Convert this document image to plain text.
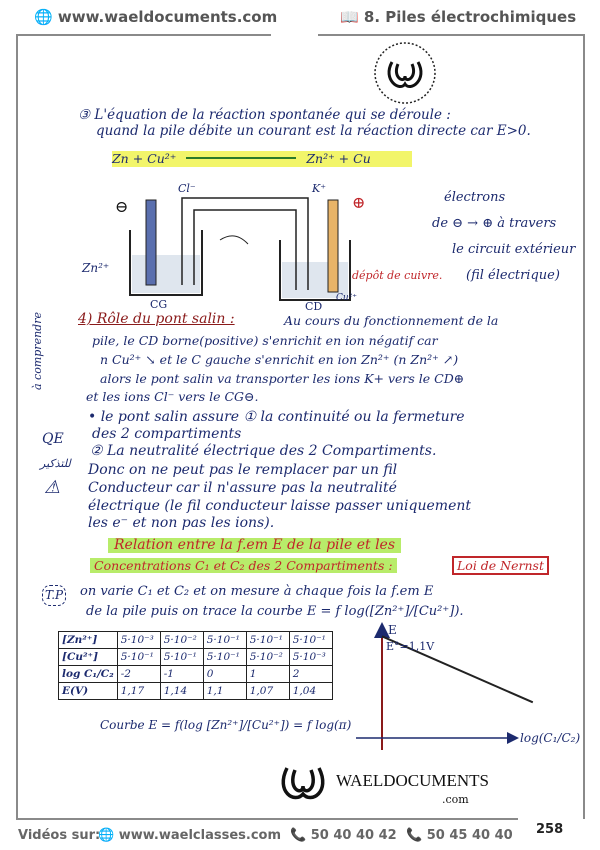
🌐 www.waeldocuments.com	📖 8. Piles électrochimiques
③ L'équation de la réaction spontanée qui se déroule :
quand la pile débite un courant est la réaction directe car E>0.
Zn + Cu²⁺	Zn²⁺ + Cu
⊖	⊕
Cl⁻	K⁺
Zn²⁺
CG	CD
Cu²⁺
dépôt de cuivre.
électrons
de ⊖ → ⊕ à travers
le circuit extérieur
(fil électrique)
à comprendre 4) Rôle du pont salin :	Au cours du fonctionnement de la
pile, le CD borne(positive) s'enrichit en ion négatif car
n Cu²⁺ ↘ et le C gauche s'enrichit en ion Zn²⁺ (n Zn²⁺ ↗)
alors le pont salin va transporter les ions K+ vers le CD⊕
et les ions Cl⁻ vers le CG⊖.
QE
للتذكير
⚠
• le pont salin assure ① la continuité ou la fermeture
des 2 compartiments
② La neutralité électrique des 2 Compartiments.
Donc on ne peut pas le remplacer par un fil
Conducteur car il n'assure pas la neutralité
électrique (le fil conducteur laisse passer uniquement
les e⁻ et non pas les ions).
Relation entre la f.em E de la pile et les
Concentrations C₁ et C₂ des 2 Compartiments :	Loi de Nernst
T.P on varie C₁ et C₂ et on mesure à chaque fois la f.em E
de la pile puis on trace la courbe E = f log([Zn²⁺]/[Cu²⁺]).
[Zn²⁺]	5·10⁻³	5·10⁻²	5·10⁻¹	5·10⁻¹	5·10⁻¹
[Cu²⁺]	5·10⁻¹	5·10⁻¹	5·10⁻¹	5·10⁻²	5·10⁻³
log C₁/C₂	-2	-1	0	1	2
E(V)	1,17	1,14	1,1	1,07	1,04
Courbe E = f(log [Zn²⁺]/[Cu²⁺]) = f log(π)
E
E°=1,1V
log(C₁/C₂)
WAELDOCUMENTS
.com
Vidéos sur:
🌐 www.waelclasses.com 📞 50 40 40 42 📞 50 45 40 40 258
